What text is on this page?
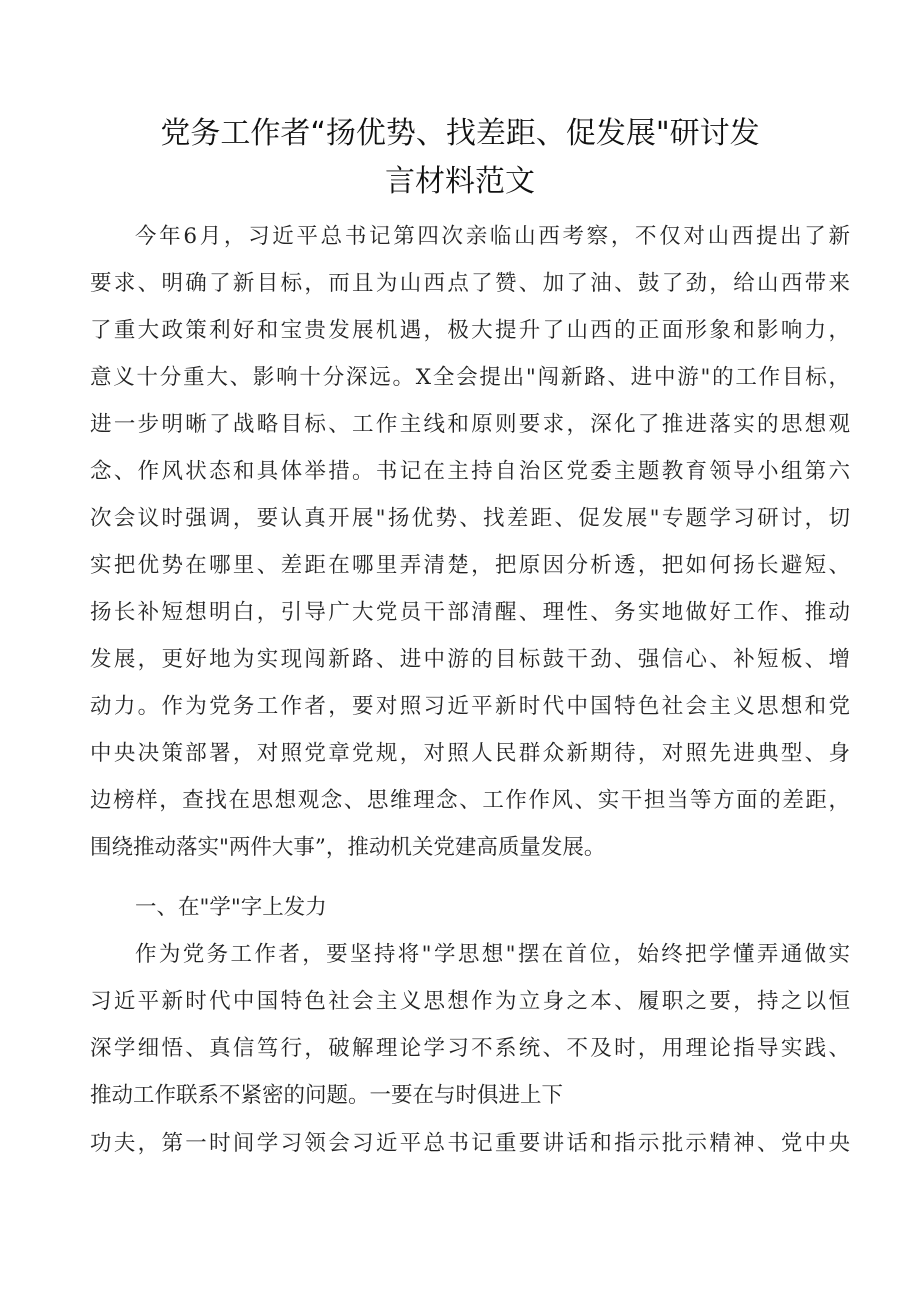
党务工作者“扬优势、找差距、促发展"研讨发
言材料范文
今年6月，习近平总书记第四次亲临山西考察，不仅对山西提出了新
要求、明确了新目标，而且为山西点了赞、加了油、鼓了劲，给山西带来
了重大政策利好和宝贵发展机遇，极大提升了山西的正面形象和影响力，
意义十分重大、影响十分深远。X全会提出"闯新路、进中游"的工作目标，
进一步明晰了战略目标、工作主线和原则要求，深化了推进落实的思想观
念、作风状态和具体举措。书记在主持自治区党委主题教育领导小组第六
次会议时强调，要认真开展"扬优势、找差距、促发展"专题学习研讨，切
实把优势在哪里、差距在哪里弄清楚，把原因分析透，把如何扬长避短、
扬长补短想明白，引导广大党员干部清醒、理性、务实地做好工作、推动
发展，更好地为实现闯新路、进中游的目标鼓干劲、强信心、补短板、增
动力。作为党务工作者，要对照习近平新时代中国特色社会主义思想和党
中央决策部署，对照党章党规，对照人民群众新期待，对照先进典型、身
边榜样，查找在思想观念、思维理念、工作作风、实干担当等方面的差距，
围绕推动落实"两件大事”，推动机关党建高质量发展。
一、在"学"字上发力
作为党务工作者，要坚持将"学思想"摆在首位，始终把学懂弄通做实
习近平新时代中国特色社会主义思想作为立身之本、履职之要，持之以恒
深学细悟、真信笃行，破解理论学习不系统、不及时，用理论指导实践、
推动工作联系不紧密的问题。一要在与时俱进上下
功夫，第一时间学习领会习近平总书记重要讲话和指示批示精神、党中央
